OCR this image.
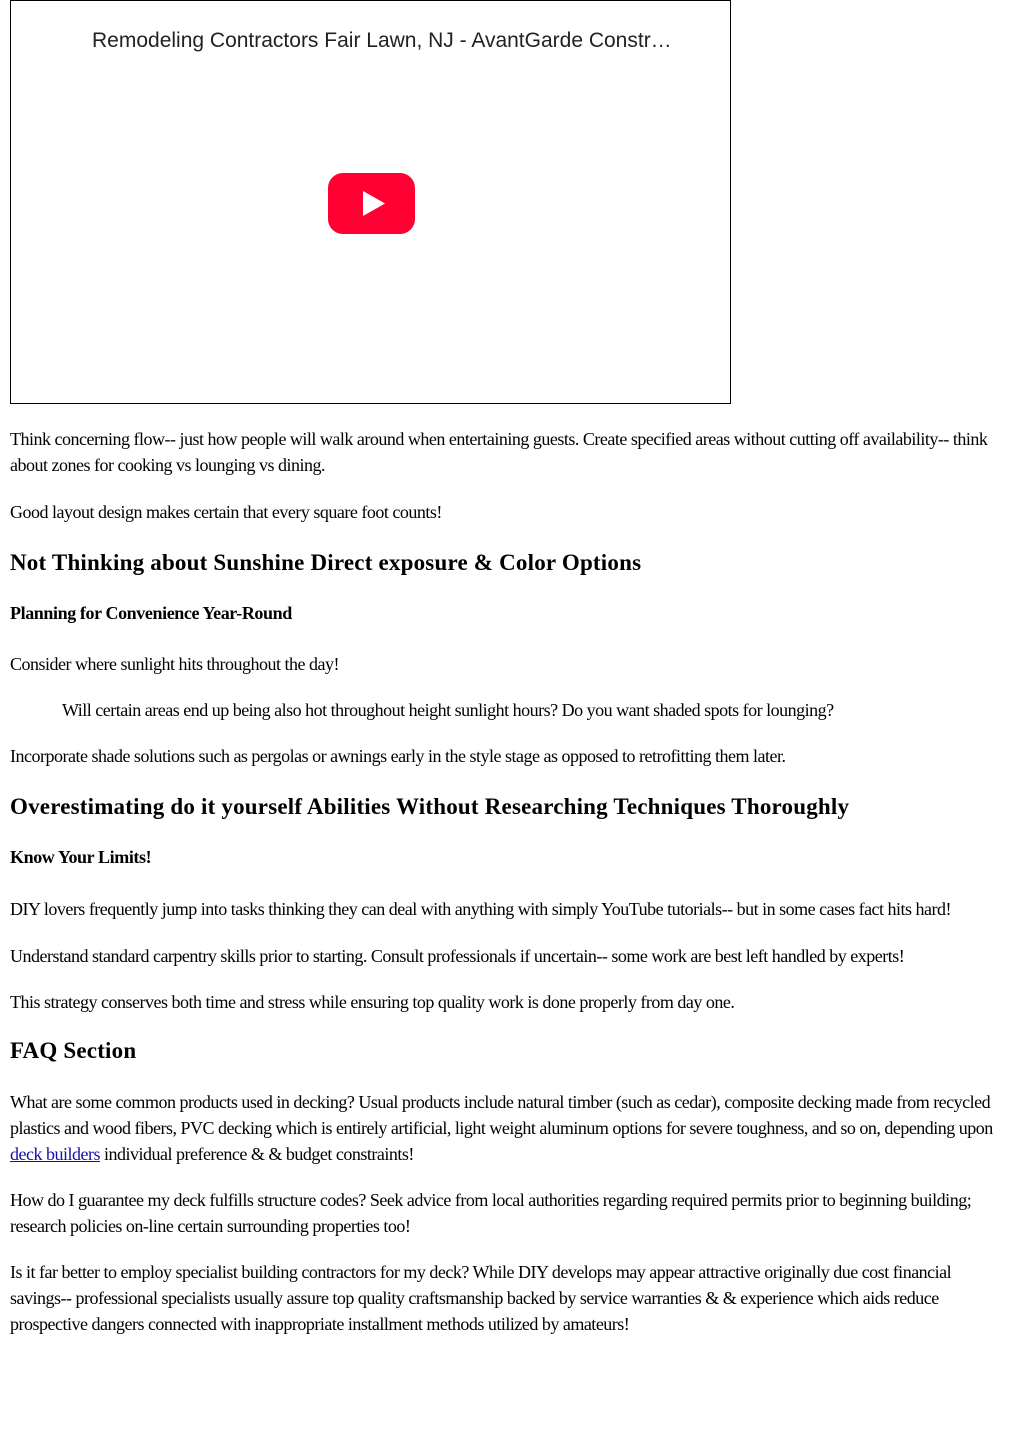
Remodeling Contractors Fair Lawn, NJ - AvantGarde Constr…

Think concerning flow-- just how people will walk around when entertaining guests. Create specified areas without cutting off availability-- think about zones for cooking vs lounging vs dining.

Good layout design makes certain that every square foot counts!

Not Thinking about Sunshine Direct exposure & Color Options
Planning for Convenience Year-Round

Consider where sunlight hits throughout the day!

Will certain areas end up being also hot throughout height sunlight hours? Do you want shaded spots for lounging?

Incorporate shade solutions such as pergolas or awnings early in the style stage as opposed to retrofitting them later.

Overestimating do it yourself Abilities Without Researching Techniques Thoroughly
Know Your Limits!

DIY lovers frequently jump into tasks thinking they can deal with anything with simply YouTube tutorials-- but in some cases fact hits hard!

Understand standard carpentry skills prior to starting. Consult professionals if uncertain-- some work are best left handled by experts!

This strategy conserves both time and stress while ensuring top quality work is done properly from day one.

FAQ Section

What are some common products used in decking? Usual products include natural timber (such as cedar), composite decking made from recycled plastics and wood fibers, PVC decking which is entirely artificial, light weight aluminum options for severe toughness, and so on, depending upon deck builders individual preference & & budget constraints!

How do I guarantee my deck fulfills structure codes? Seek advice from local authorities regarding required permits prior to beginning building; research policies on-line certain surrounding properties too!

Is it far better to employ specialist building contractors for my deck? While DIY develops may appear attractive originally due cost financial savings-- professional specialists usually assure top quality craftsmanship backed by service warranties & & experience which aids reduce prospective dangers connected with inappropriate installment methods utilized by amateurs!
